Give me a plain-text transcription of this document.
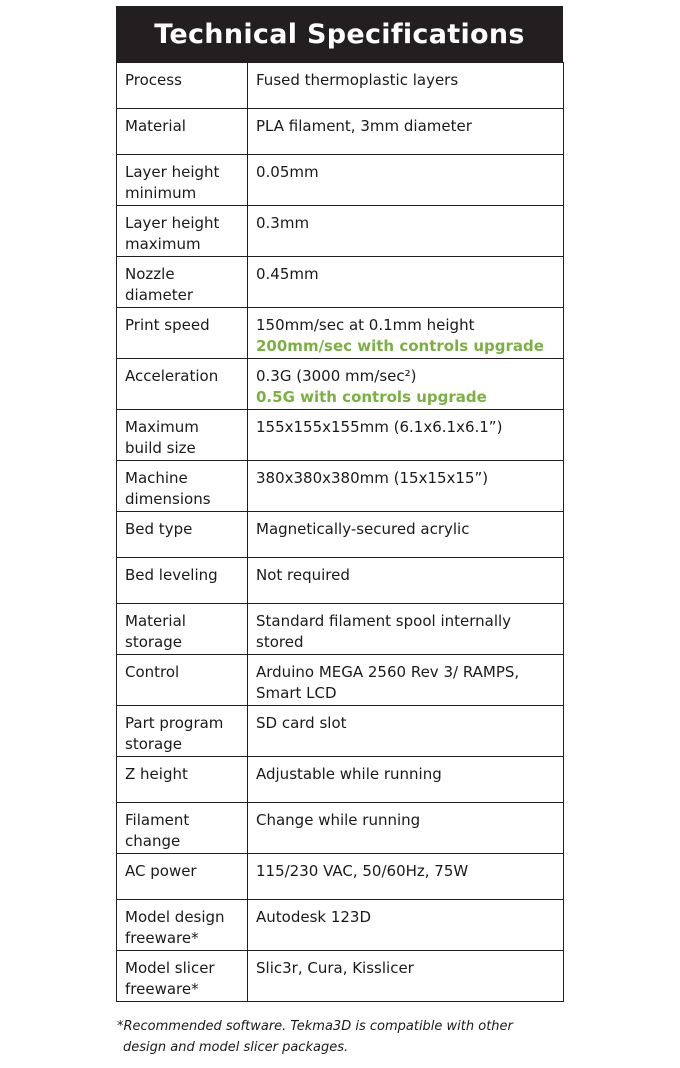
Technical Specifications
Process	Fused thermoplastic layers
Material	PLA filament, 3mm diameter
Layer height minimum	0.05mm
Layer height maximum	0.3mm
Nozzle diameter	0.45mm
Print speed	150mm/sec at 0.1mm height
200mm/sec with controls upgrade

Acceleration	0.3G (3000 mm/sec²)
0.5G with controls upgrade

Maximum build size	155x155x155mm (6.1x6.1x6.1”)
Machine dimensions	380x380x380mm (15x15x15”)
Bed type	Magnetically-secured acrylic
Bed leveling	Not required
Material storage	Standard filament spool internally stored
Control	Arduino MEGA 2560 Rev 3/ RAMPS, Smart LCD
Part program storage	SD card slot
Z height	Adjustable while running
Filament change	Change while running
AC power	115/230 VAC, 50/60Hz, 75W
Model design freeware*	Autodesk 123D
Model slicer freeware*	Slic3r, Cura, Kisslicer
*Recommended software. Tekma3D is compatible with other
design and model slicer packages.
